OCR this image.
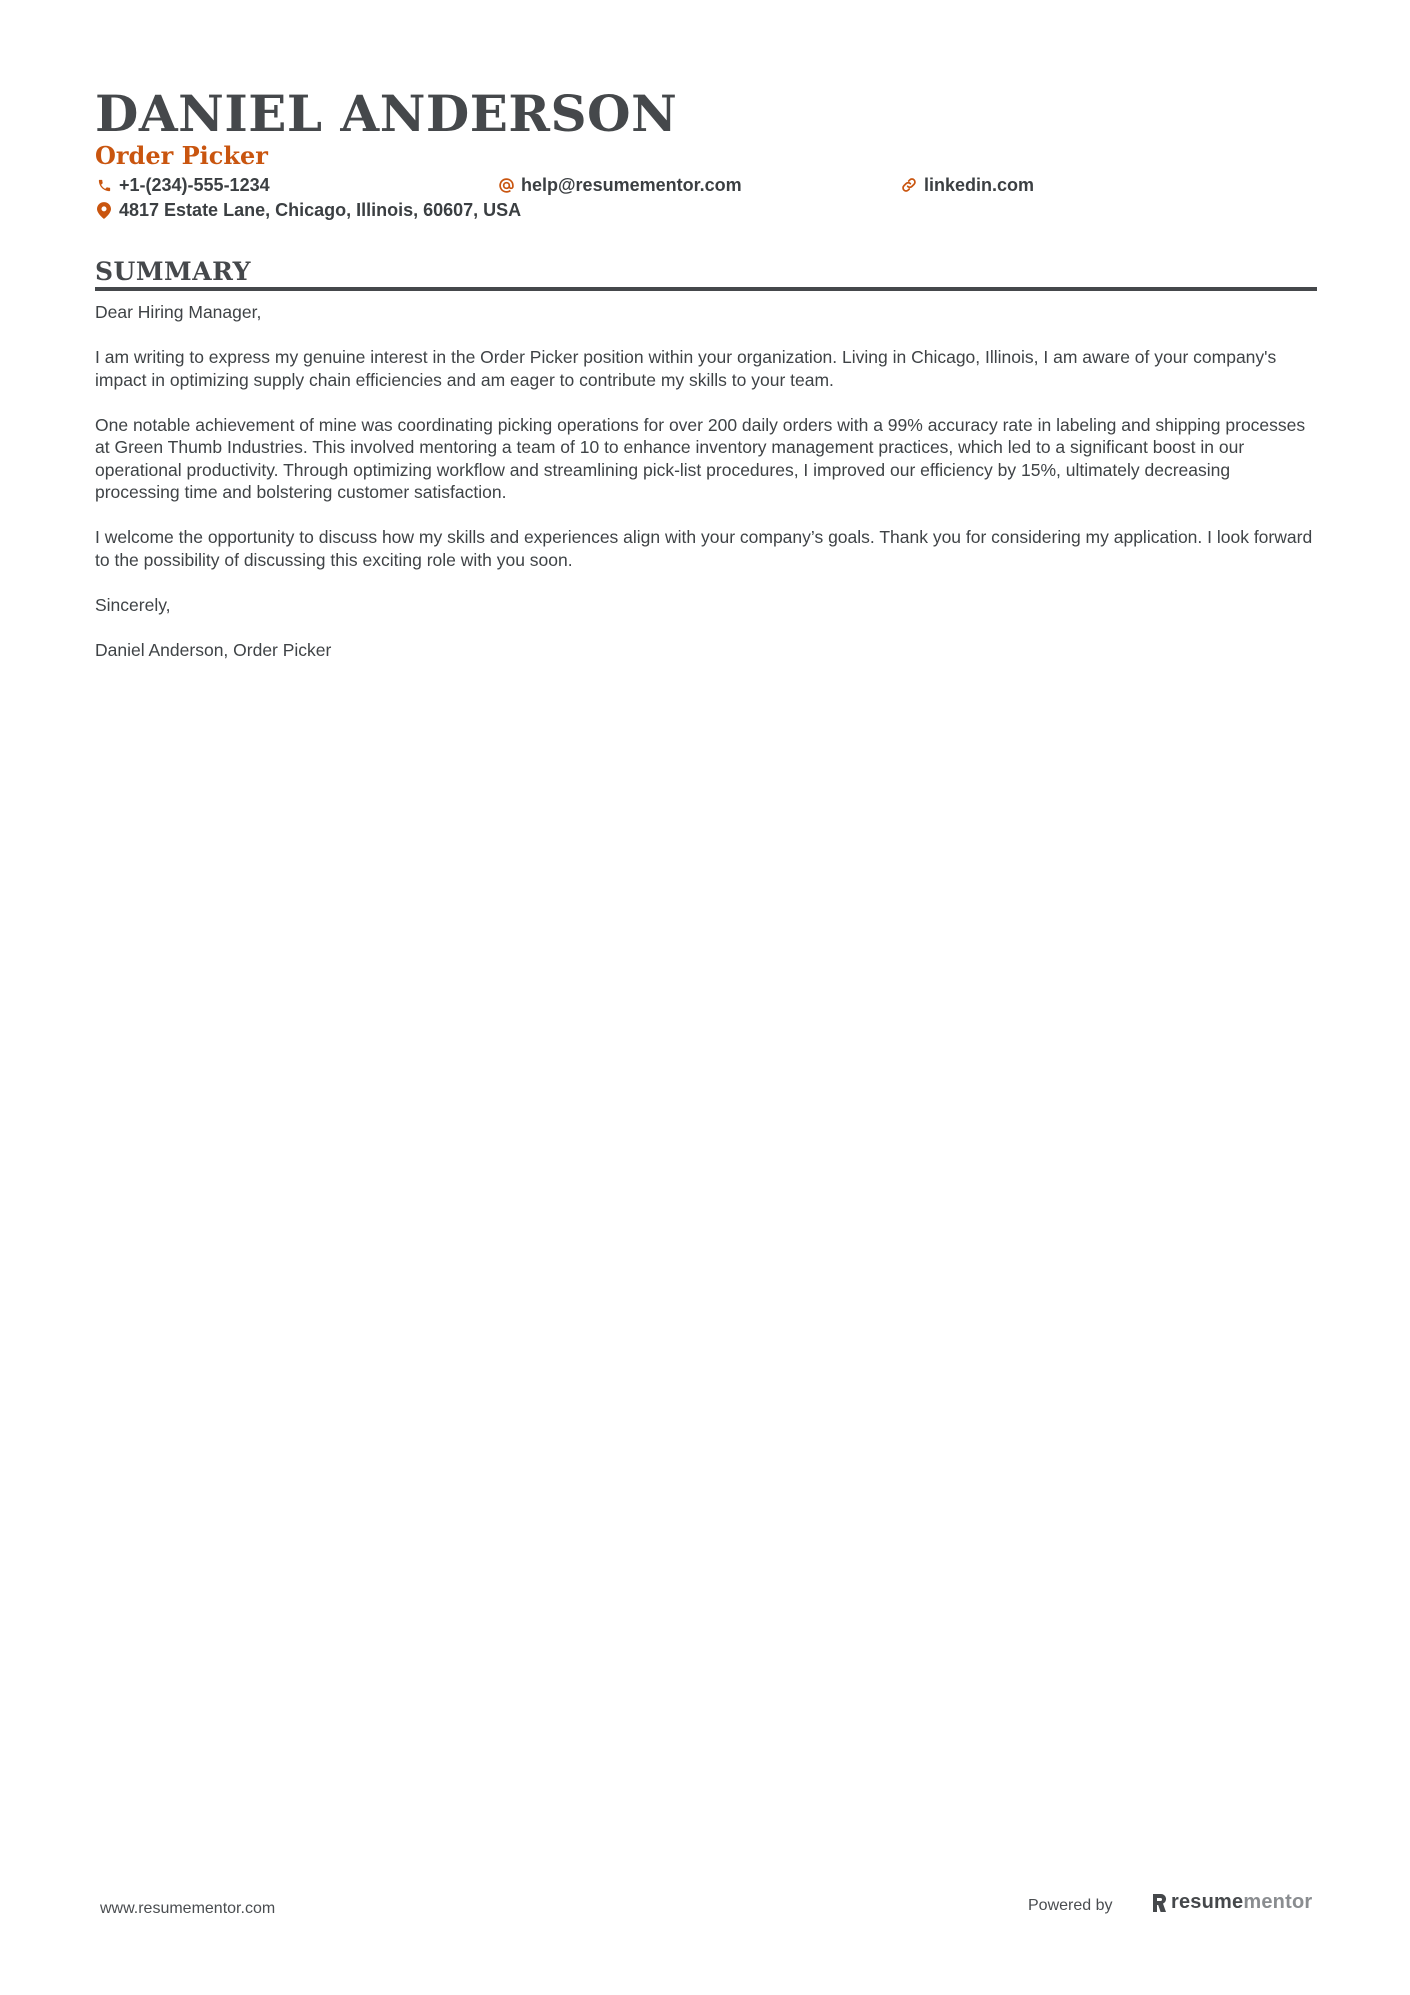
DANIEL ANDERSON
Order Picker
+1-(234)-555-1234	help@resumementor.com	linkedin.com
4817 Estate Lane, Chicago, Illinois, 60607, USA
SUMMARY

Dear Hiring Manager,

I am writing to express my genuine interest in the Order Picker position within your organization. Living in Chicago, Illinois, I am aware of your company's impact in optimizing supply chain efficiencies and am eager to contribute my skills to your team.

One notable achievement of mine was coordinating picking operations for over 200 daily orders with a 99% accuracy rate in labeling and shipping processes at Green Thumb Industries. This involved mentoring a team of 10 to enhance inventory management practices, which led to a significant boost in our operational productivity. Through optimizing workflow and streamlining pick-list procedures, I improved our efficiency by 15%, ultimately decreasing processing time and bolstering customer satisfaction.

I welcome the opportunity to discuss how my skills and experiences align with your company’s goals. Thank you for considering my application. I look forward to the possibility of discussing this exciting role with you soon.

Sincerely,

Daniel Anderson, Order Picker

www.resumementor.com	Powered by	resumementor
